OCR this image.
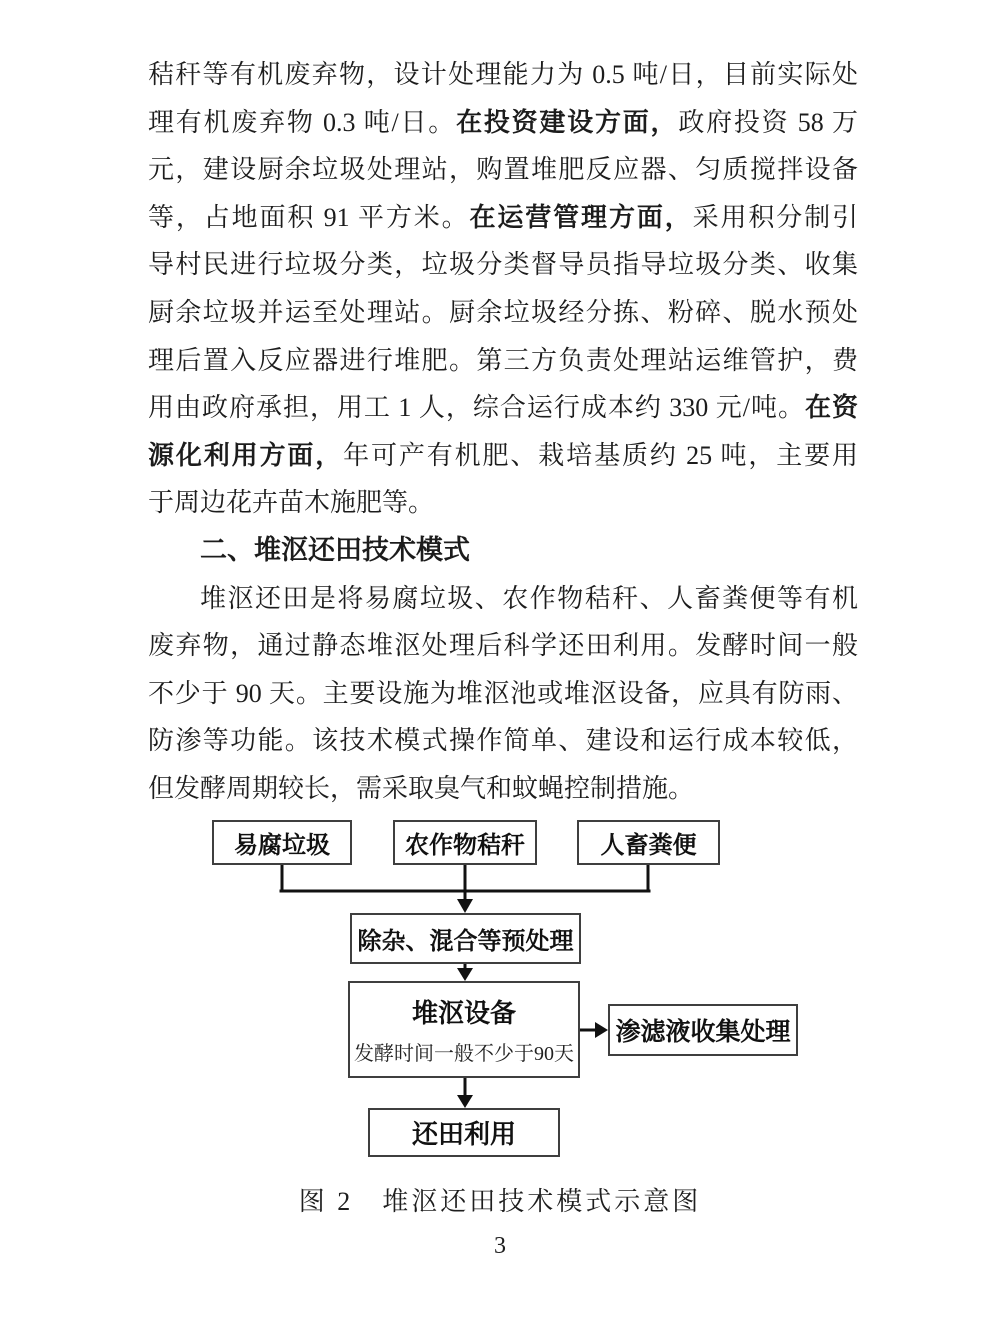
秸秆等有机废弃物，设计处理能力为 0.5 吨/日，目前实际处
理有机废弃物 0.3 吨/日。在投资建设方面，政府投资 58 万
元，建设厨余垃圾处理站，购置堆肥反应器、匀质搅拌设备
等，占地面积 91 平方米。在运营管理方面，采用积分制引
导村民进行垃圾分类，垃圾分类督导员指导垃圾分类、收集
厨余垃圾并运至处理站。厨余垃圾经分拣、粉碎、脱水预处
理后置入反应器进行堆肥。第三方负责处理站运维管护，费
用由政府承担，用工 1 人，综合运行成本约 330 元/吨。在资
源化利用方面，年可产有机肥、栽培基质约 25 吨，主要用
于周边花卉苗木施肥等。
二、堆沤还田技术模式
堆沤还田是将易腐垃圾、农作物秸秆、人畜粪便等有机
废弃物，通过静态堆沤处理后科学还田利用。发酵时间一般
不少于 90 天。主要设施为堆沤池或堆沤设备，应具有防雨、
防渗等功能。该技术模式操作简单、建设和运行成本较低，
但发酵周期较长，需采取臭气和蚊蝇控制措施。
易腐垃圾	农作物秸秆	人畜粪便
除杂、混合等预处理
堆沤设备
发酵时间一般不少于90天
渗滤液收集处理
还田利用
图 2　堆沤还田技术模式示意图
3
